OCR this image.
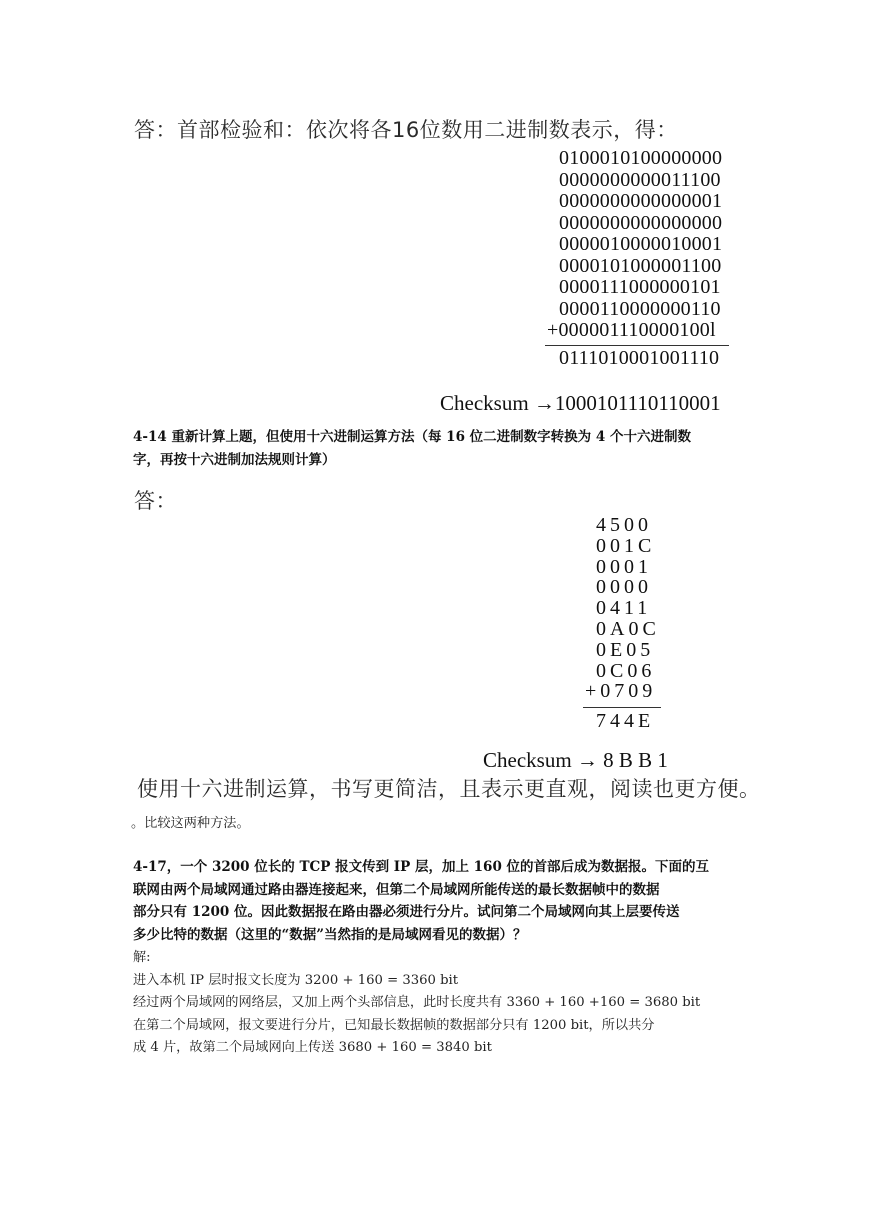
答：首部检验和：依次将各16位数用二进制数表示，得：
0100010100000000
0000000000011100
0000000000000001
0000000000000000
0000010000010001
0000101000001100
0000111000000101
0000110000000110
+000001110000100l
0111010001001110
Checksum →1000101110110001
4-14 重新计算上题，但使用十六进制运算方法（每 16 位二进制数字转换为 4 个十六进制数
字，再按十六进制加法规则计算）
答：
4500
001C
0001
0000
0411
0A0C
0E05
0C06
+0709
744E
Checksum → 8 B B 1
使用十六进制运算，书写更简洁，且表示更直观，阅读也更方便。
。比较这两种方法。
4-17，一个 3200 位长的 TCP 报文传到 IP 层，加上 160 位的首部后成为数据报。下面的互
联网由两个局域网通过路由器连接起来，但第二个局域网所能传送的最长数据帧中的数据
部分只有 1200 位。因此数据报在路由器必须进行分片。试问第二个局域网向其上层要传送
多少比特的数据（这里的“数据”当然指的是局域网看见的数据）？
解:
进入本机 IP 层时报文长度为 3200 + 160 = 3360 bit
经过两个局域网的网络层，又加上两个头部信息，此时长度共有 3360 + 160 +160 = 3680 bit
在第二个局域网，报文要进行分片，已知最长数据帧的数据部分只有 1200 bit，所以共分
成 4 片，故第二个局域网向上传送 3680 + 160 = 3840 bit
